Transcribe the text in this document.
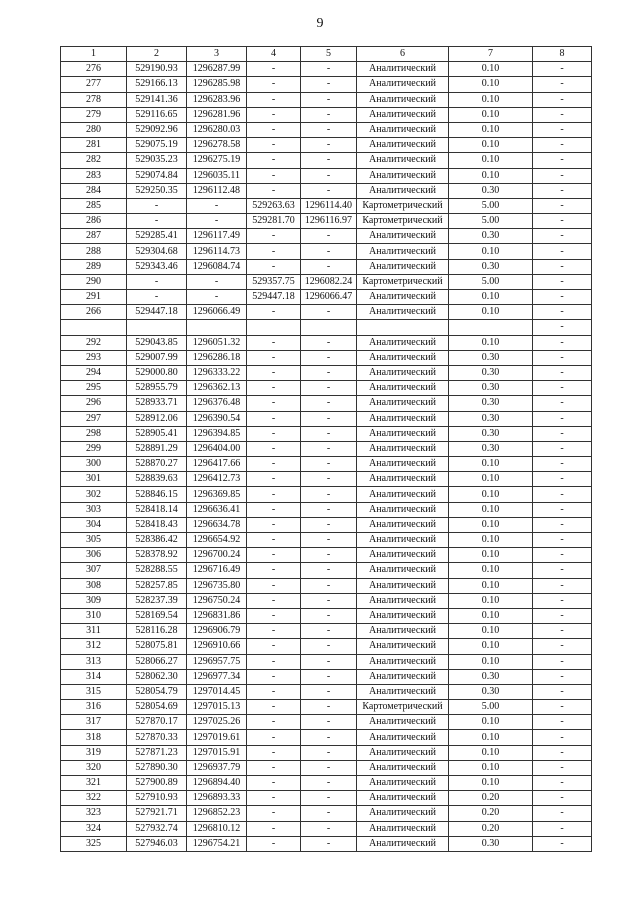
9
1	2	3	4	5	6	7	8
276	529190.93	1296287.99	-	-	Аналитический	0.10	-
277	529166.13	1296285.98	-	-	Аналитический	0.10	-
278	529141.36	1296283.96	-	-	Аналитический	0.10	-
279	529116.65	1296281.96	-	-	Аналитический	0.10	-
280	529092.96	1296280.03	-	-	Аналитический	0.10	-
281	529075.19	1296278.58	-	-	Аналитический	0.10	-
282	529035.23	1296275.19	-	-	Аналитический	0.10	-
283	529074.84	1296035.11	-	-	Аналитический	0.10	-
284	529250.35	1296112.48	-	-	Аналитический	0.30	-
285	-	-	529263.63	1296114.40	Картометрический	5.00	-
286	-	-	529281.70	1296116.97	Картометрический	5.00	-
287	529285.41	1296117.49	-	-	Аналитический	0.30	-
288	529304.68	1296114.73	-	-	Аналитический	0.10	-
289	529343.46	1296084.74	-	-	Аналитический	0.30	-
290	-	-	529357.75	1296082.24	Картометрический	5.00	-
291	-	-	529447.18	1296066.47	Аналитический	0.10	-
266	529447.18	1296066.49	-	-	Аналитический	0.10	-
							-
292	529043.85	1296051.32	-	-	Аналитический	0.10	-
293	529007.99	1296286.18	-	-	Аналитический	0.30	-
294	529000.80	1296333.22	-	-	Аналитический	0.30	-
295	528955.79	1296362.13	-	-	Аналитический	0.30	-
296	528933.71	1296376.48	-	-	Аналитический	0.30	-
297	528912.06	1296390.54	-	-	Аналитический	0.30	-
298	528905.41	1296394.85	-	-	Аналитический	0.30	-
299	528891.29	1296404.00	-	-	Аналитический	0.30	-
300	528870.27	1296417.66	-	-	Аналитический	0.10	-
301	528839.63	1296412.73	-	-	Аналитический	0.10	-
302	528846.15	1296369.85	-	-	Аналитический	0.10	-
303	528418.14	1296636.41	-	-	Аналитический	0.10	-
304	528418.43	1296634.78	-	-	Аналитический	0.10	-
305	528386.42	1296654.92	-	-	Аналитический	0.10	-
306	528378.92	1296700.24	-	-	Аналитический	0.10	-
307	528288.55	1296716.49	-	-	Аналитический	0.10	-
308	528257.85	1296735.80	-	-	Аналитический	0.10	-
309	528237.39	1296750.24	-	-	Аналитический	0.10	-
310	528169.54	1296831.86	-	-	Аналитический	0.10	-
311	528116.28	1296906.79	-	-	Аналитический	0.10	-
312	528075.81	1296910.66	-	-	Аналитический	0.10	-
313	528066.27	1296957.75	-	-	Аналитический	0.10	-
314	528062.30	1296977.34	-	-	Аналитический	0.30	-
315	528054.79	1297014.45	-	-	Аналитический	0.30	-
316	528054.69	1297015.13	-	-	Картометрический	5.00	-
317	527870.17	1297025.26	-	-	Аналитический	0.10	-
318	527870.33	1297019.61	-	-	Аналитический	0.10	-
319	527871.23	1297015.91	-	-	Аналитический	0.10	-
320	527890.30	1296937.79	-	-	Аналитический	0.10	-
321	527900.89	1296894.40	-	-	Аналитический	0.10	-
322	527910.93	1296893.33	-	-	Аналитический	0.20	-
323	527921.71	1296852.23	-	-	Аналитический	0.20	-
324	527932.74	1296810.12	-	-	Аналитический	0.20	-
325	527946.03	1296754.21	-	-	Аналитический	0.30	-
